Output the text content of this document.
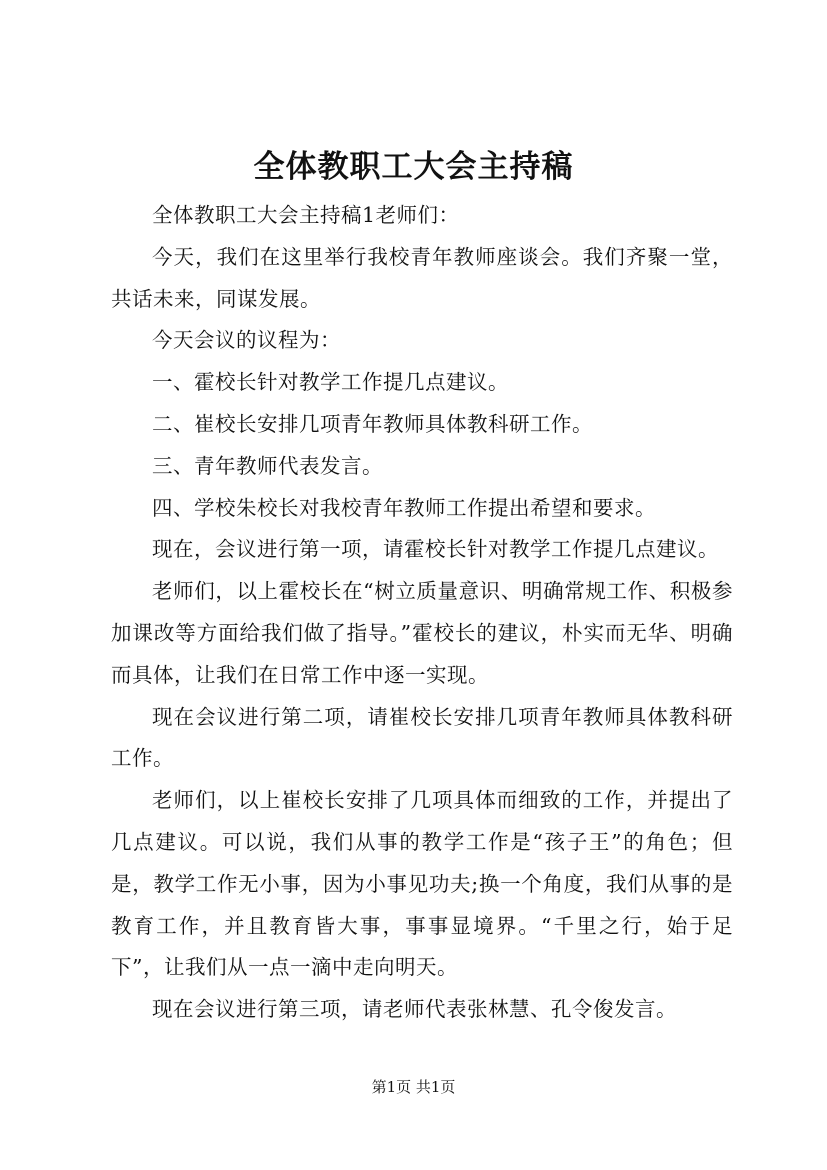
全体教职工大会主持稿

全体教职工大会主持稿1老师们：

今天，我们在这里举行我校青年教师座谈会。我们齐聚一堂，共话未来，同谋发展。

今天会议的议程为：

一、霍校长针对教学工作提几点建议。

二、崔校长安排几项青年教师具体教科研工作。

三、青年教师代表发言。

四、学校朱校长对我校青年教师工作提出希望和要求。

现在，会议进行第一项，请霍校长针对教学工作提几点建议。

老师们，以上霍校长在“树立质量意识、明确常规工作、积极参加课改等方面给我们做了指导。”霍校长的建议，朴实而无华、明确而具体，让我们在日常工作中逐一实现。

现在会议进行第二项，请崔校长安排几项青年教师具体教科研工作。

老师们，以上崔校长安排了几项具体而细致的工作，并提出了几点建议。可以说，我们从事的教学工作是“孩子王”的角色；但是，教学工作无小事，因为小事见功夫;换一个角度，我们从事的是教育工作，并且教育皆大事，事事显境界。“千里之行，始于足下”，让我们从一点一滴中走向明天。

现在会议进行第三项，请老师代表张林慧、孔令俊发言。

第1页 共1页
